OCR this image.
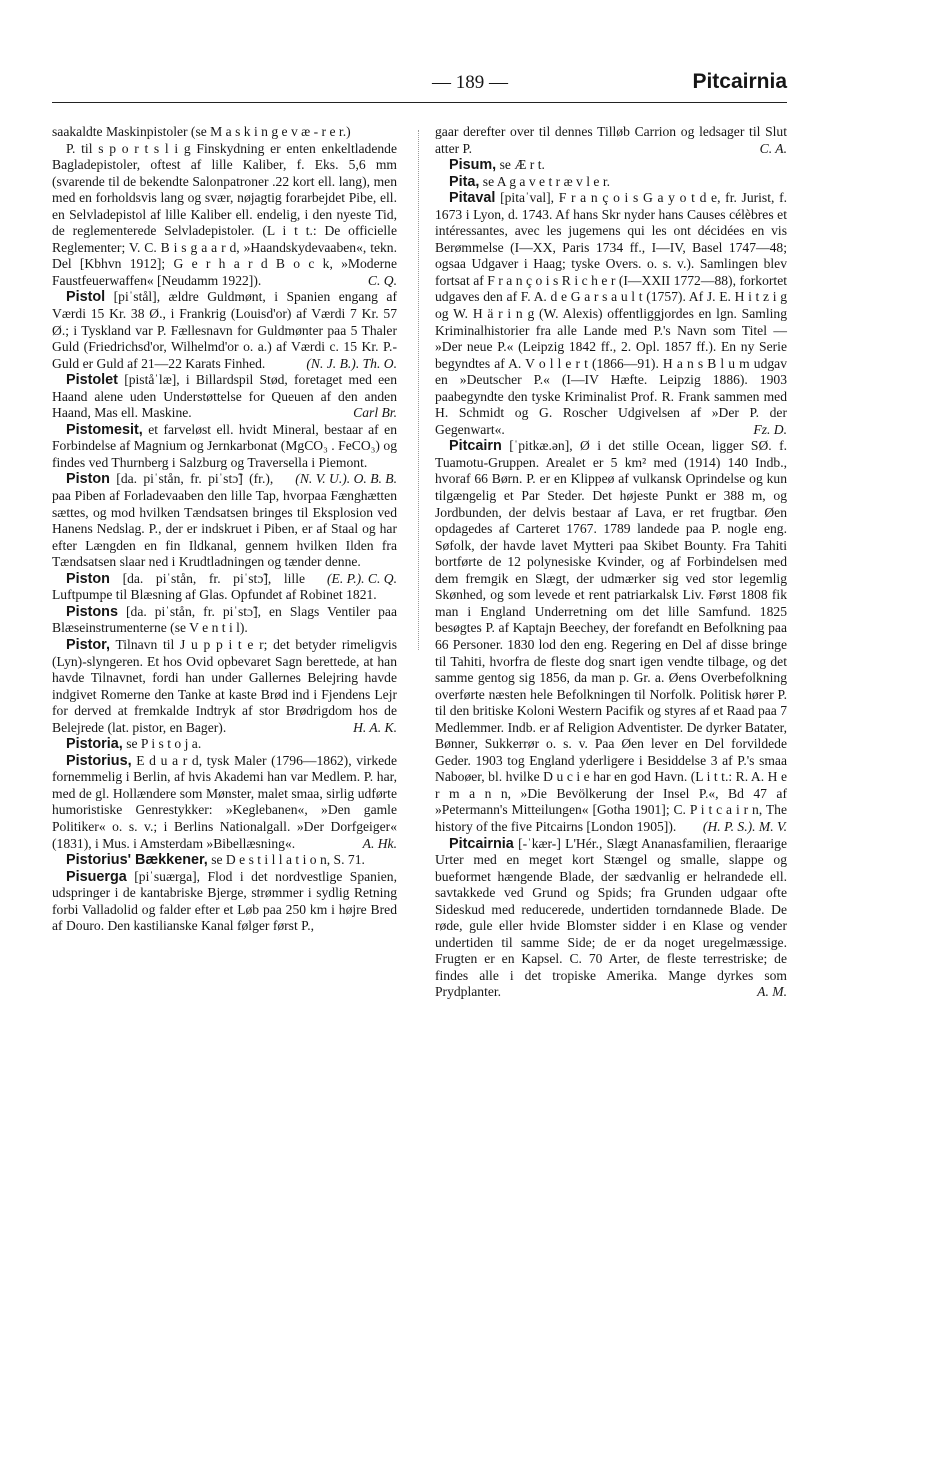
— 189 —	Pitcairnia

saakaldte Maskinpistoler (se M a s k i n g e v æ - r e r.)

P. til s p o r t s l i g Finskydning er enten enkeltladende Bagladepistoler, oftest af lille Kaliber, f. Eks. 5,6 mm (svarende til de bekendte Salonpatroner .22 kort ell. lang), men med en forholdsvis lang og svær, nøjagtig forarbejdet Pibe, ell. en Selvladepistol af lille Kaliber ell. endelig, i den nyeste Tid, de reglementerede Selvladepistoler. (L i t t.: De officielle Reglementer; V. C. B i s g a a r d, »Haandskydevaaben«, tekn. Del [Kbhvn 1912]; G e r h a r d B o c k, »Moderne Faustfeuerwaffen« [Neudamm 1922]).	C. Q.

Pistol [piˈstål], ældre Guldmønt, i Spanien engang af Værdi 15 Kr. 38 Ø., i Frankrig (Louisd'or) af Værdi 7 Kr. 57 Ø.; i Tyskland var P. Fællesnavn for Guldmønter paa 5 Thaler Guld (Friedrichsd'or, Wilhelmd'or o. a.) af Værdi c. 15 Kr. P.-Guld er Guld af 21—22 Karats Finhed.	(N. J. B.). Th. O.

Pistolet [piståˈlæ], i Billardspil Stød, foretaget med een Haand alene uden Understøttelse for Queuen af den anden Haand, Mas ell. Maskine.	Carl Br.

Pistomesit, et farveløst ell. hvidt Mineral, bestaar af en Forbindelse af Magnium og Jernkarbonat (MgCO₃ . FeCO₃) og findes ved Thurnberg i Salzburg og Traversella i Piemont.
(N. V. U.). O. B. B.

Piston [da. piˈstån, fr. piˈstɔ̃] (fr.), paa Piben af Forladevaaben den lille Tap, hvorpaa Fænghætten sættes, og mod hvilken Tændsatsen bringes til Eksplosion ved Hanens Nedslag. P., der er indskruet i Piben, er af Staal og har efter Længden en fin Ildkanal, gennem hvilken Ilden fra Tændsatsen slaar ned i Krudtladningen og tænder denne.
(E. P.). C. Q.

Piston [da. piˈstån, fr. piˈstɔ̃], lille Luftpumpe til Blæsning af Glas. Opfundet af Robinet 1821.

Pistons [da. piˈstån, fr. piˈstɔ̃], en Slags Ventiler paa Blæseinstrumenterne (se V e n t i l).

Pistor, Tilnavn til J u p p i t e r; det betyder rimeligvis (Lyn)-slyngeren. Et hos Ovid opbevaret Sagn berettede, at han havde Tilnavnet, fordi han under Gallernes Belejring havde indgivet Romerne den Tanke at kaste Brød ind i Fjendens Lejr for derved at fremkalde Indtryk af stor Brødrigdom hos de Belejrede (lat. pistor, en Bager).	H. A. K.

Pistoria, se P i s t o j a.

Pistorius, E d u a r d, tysk Maler (1796—1862), virkede fornemmelig i Berlin, af hvis Akademi han var Medlem. P. har, med de gl. Hollændere som Mønster, malet smaa, sirlig udførte humoristiske Genrestykker: »Keglebanen«, »Den gamle Politiker« o. s. v.; i Berlins Nationalgall. »Der Dorfgeiger« (1831), i Mus. i Amsterdam »Bibellæsning«.	A. Hk.

Pistorius' Bækkener, se D e s t i l l a t i o n, S. 71.

Pisuerga [piˈsuærga], Flod i det nordvestlige Spanien, udspringer i de kantabriske Bjerge, strømmer i sydlig Retning forbi Valladolid og falder efter et Løb paa 250 km i højre Bred af Douro. Den kastilianske Kanal følger først P.,

gaar derefter over til dennes Tilløb Carrion og ledsager til Slut atter P.	C. A.

Pisum, se Æ r t.

Pita, se A g a v e t r æ v l e r.

Pitaval [pitaˈval], F r a n ç o i s G a y o t d e, fr. Jurist, f. 1673 i Lyon, d. 1743. Af hans Skr nyder hans Causes célèbres et intéressantes, avec les jugemens qui les ont décidées en vis Berømmelse (I—XX, Paris 1734 ff., I—IV, Basel 1747—48; ogsaa Udgaver i Haag; tyske Overs. o. s. v.). Samlingen blev fortsat af F r a n ç o i s R i c h e r (I—XXII 1772—88), forkortet udgaves den af F. A. d e G a r s a u l t (1757). Af J. E. H i t z i g og W. H ä r i n g (W. Alexis) offentliggjordes en lgn. Samling Kriminalhistorier fra alle Lande med P.'s Navn som Titel — »Der neue P.« (Leipzig 1842 ff., 2. Opl. 1857 ff.). En ny Serie begyndtes af A. V o l l e r t (1866—91). H a n s B l u m udgav en »Deutscher P.« (I—IV Hæfte. Leipzig 1886). 1903 paabegyndte den tyske Kriminalist Prof. R. Frank sammen med H. Schmidt og G. Roscher Udgivelsen af »Der P. der Gegenwart«.	Fz. D.

Pitcairn [ˈpitkæ.ən], Ø i det stille Ocean, ligger SØ. f. Tuamotu-Gruppen. Arealet er 5 km² med (1914) 140 Indb., hvoraf 66 Børn. P. er en Klippeø af vulkansk Oprindelse og kun tilgængelig et Par Steder. Det højeste Punkt er 388 m, og Jordbunden, der delvis bestaar af Lava, er ret frugtbar. Øen opdagedes af Carteret 1767. 1789 landede paa P. nogle eng. Søfolk, der havde lavet Mytteri paa Skibet Bounty. Fra Tahiti bortførte de 12 polynesiske Kvinder, og af Forbindelsen med dem fremgik en Slægt, der udmærker sig ved stor legemlig Skønhed, og som levede et rent patriarkalsk Liv. Først 1808 fik man i England Underretning om det lille Samfund. 1825 besøgtes P. af Kaptajn Beechey, der forefandt en Befolkning paa 66 Personer. 1830 lod den eng. Regering en Del af disse bringe til Tahiti, hvorfra de fleste dog snart igen vendte tilbage, og det samme gentog sig 1856, da man p. Gr. a. Øens Overbefolkning overførte næsten hele Befolkningen til Norfolk. Politisk hører P. til den britiske Koloni Western Pacifik og styres af et Raad paa 7 Medlemmer. Indb. er af Religion Adventister. De dyrker Batater, Bønner, Sukkerrør o. s. v. Paa Øen lever en Del forvildede Geder. 1903 tog England yderligere i Besiddelse 3 af P.'s smaa Naboøer, bl. hvilke D u c i e har en god Havn. (L i t t.: R. A. H e r m a n n, »Die Bevölkerung der Insel P.«, Bd 47 af »Petermann's Mitteilungen« [Gotha 1901]; C. P i t c a i r n, The history of the five Pitcairns [London 1905]).	(H. P. S.). M. V.

Pitcairnia [-ˈkær-] L'Hér., Slægt Ananasfamilien, fleraarige Urter med en meget kort Stængel og smalle, slappe og bueformet hængende Blade, der sædvanlig er helrandede ell. savtakkede ved Grund og Spids; fra Grunden udgaar ofte Sideskud med reducerede, undertiden torndannede Blade. De røde, gule eller hvide Blomster sidder i en Klase og vender undertiden til samme Side; de er da noget uregelmæssige. Frugten er en Kapsel. C. 70 Arter, de fleste terrestriske; de findes alle i det tropiske Amerika. Mange dyrkes som Prydplanter.	A. M.
